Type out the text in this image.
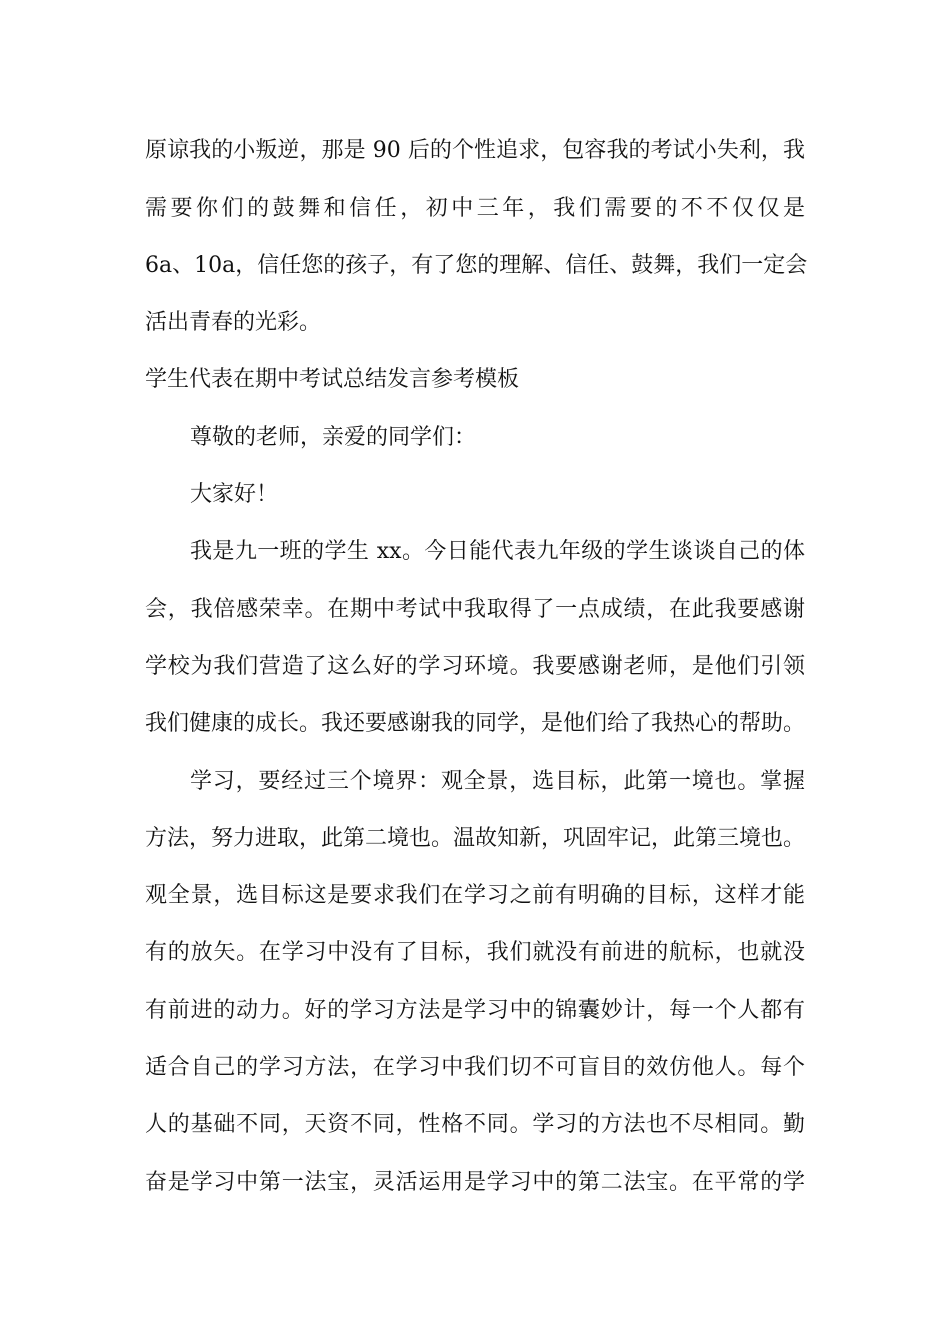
原谅我的小叛逆，那是 90 后的个性追求，包容我的考试小失利，我

需要你们的鼓舞和信任，初中三年，我们需要的不不仅仅是

6a、10a，信任您的孩子，有了您的理解、信任、鼓舞，我们一定会

活出青春的光彩。

学生代表在期中考试总结发言参考模板

尊敬的老师，亲爱的同学们：

大家好！

我是九一班的学生 xx。今日能代表九年级的学生谈谈自己的体

会，我倍感荣幸。在期中考试中我取得了一点成绩，在此我要感谢

学校为我们营造了这么好的学习环境。我要感谢老师，是他们引领

我们健康的成长。我还要感谢我的同学，是他们给了我热心的帮助。

学习，要经过三个境界：观全景，选目标，此第一境也。掌握

方法，努力进取，此第二境也。温故知新，巩固牢记，此第三境也。

观全景，选目标这是要求我们在学习之前有明确的目标，这样才能

有的放矢。在学习中没有了目标，我们就没有前进的航标，也就没

有前进的动力。好的学习方法是学习中的锦囊妙计，每一个人都有

适合自己的学习方法，在学习中我们切不可盲目的效仿他人。每个

人的基础不同，天资不同，性格不同。学习的方法也不尽相同。勤

奋是学习中第一法宝，灵活运用是学习中的第二法宝。在平常的学
